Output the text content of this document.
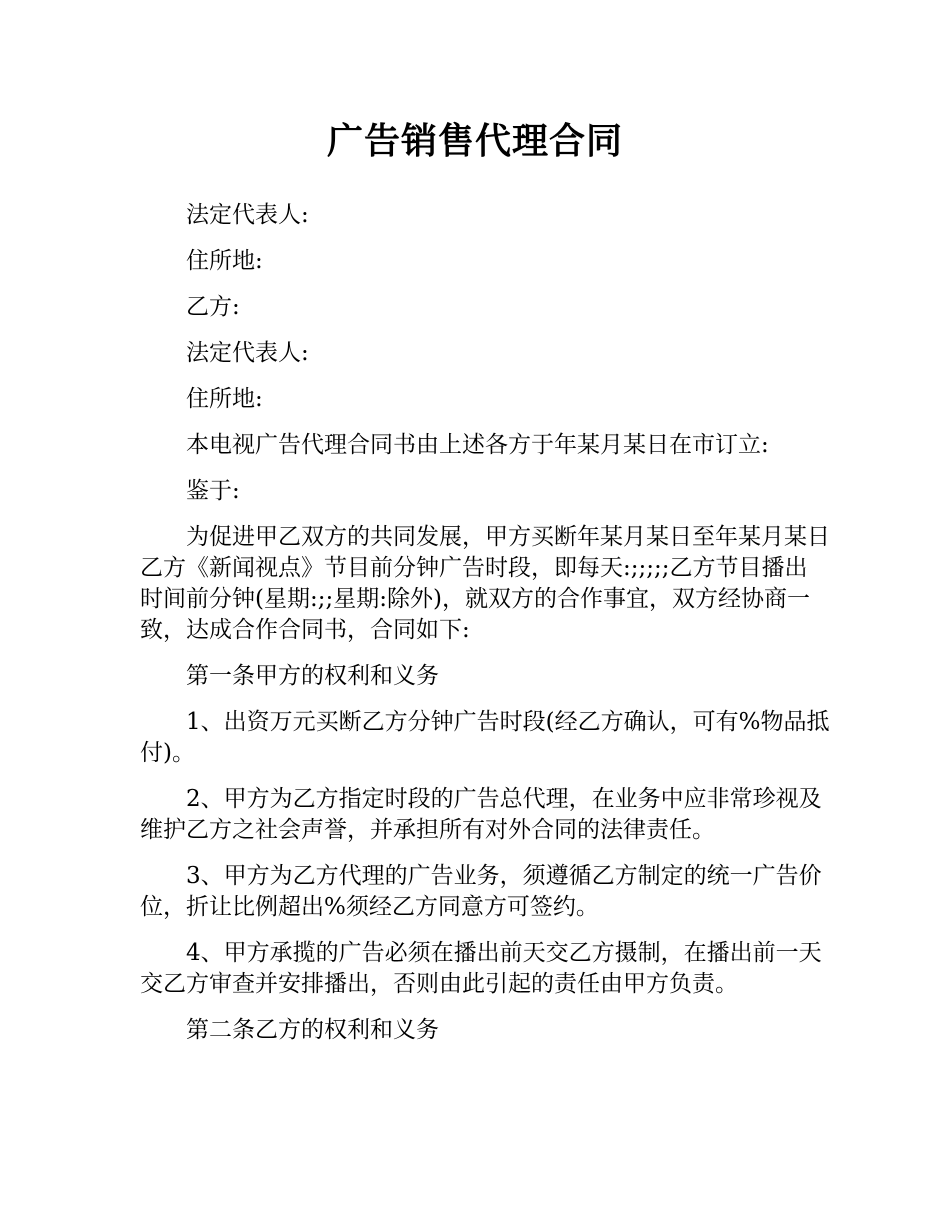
广告销售代理合同

法定代表人:

住所地:

乙方:

法定代表人:

住所地:

本电视广告代理合同书由上述各方于年某月某日在市订立:

鉴于:

为促进甲乙双方的共同发展，甲方买断年某月某日至年某月某日乙方《新闻视点》节目前分钟广告时段，即每天:;;;;;乙方节目播出时间前分钟(星期:;;星期:除外)，就双方的合作事宜，双方经协商一致，达成合作合同书，合同如下:

第一条甲方的权利和义务

1、出资万元买断乙方分钟广告时段(经乙方确认，可有%物品抵付)。

2、甲方为乙方指定时段的广告总代理，在业务中应非常珍视及维护乙方之社会声誉，并承担所有对外合同的法律责任。

3、甲方为乙方代理的广告业务，须遵循乙方制定的统一广告价位，折让比例超出%须经乙方同意方可签约。

4、甲方承揽的广告必须在播出前天交乙方摄制，在播出前一天交乙方审查并安排播出，否则由此引起的责任由甲方负责。

第二条乙方的权利和义务
